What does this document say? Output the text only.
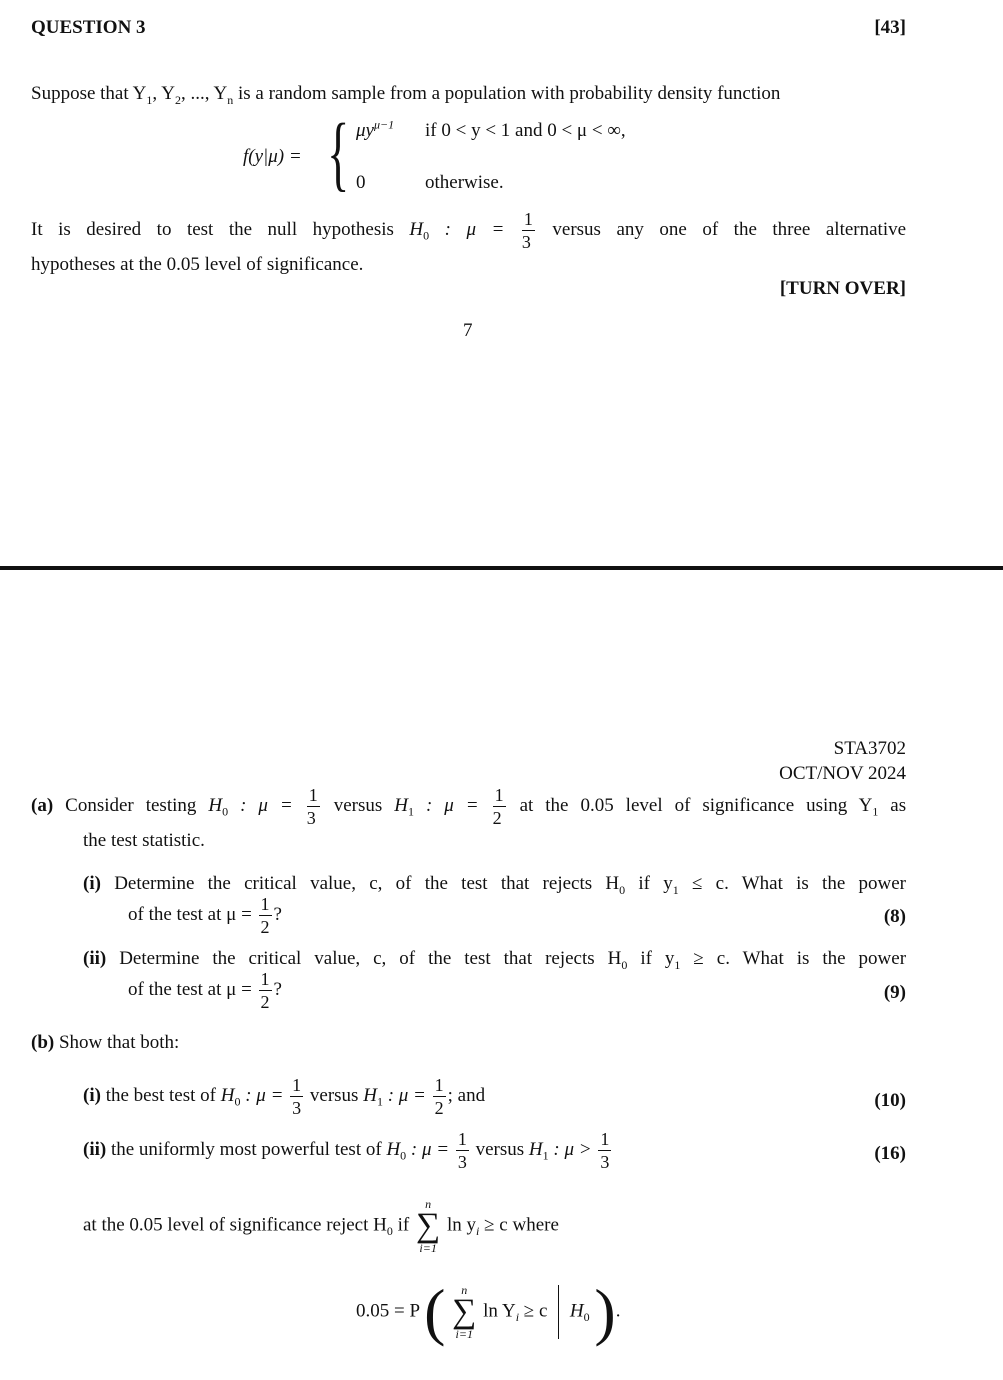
QUESTION 3	[43]
Suppose that $Y_1$, $Y_2$, ..., $Y_n$ is a random sample from a population with probability density function
f(y|μ) = { $\mu y^{\mu-1}$ if 0 < y < 1 and 0 < μ < ∞,
0	otherwise.
It is desired to test the null hypothesis $H_0$ : $\mu = \frac{1}{3}$ versus any one of the three alternative
hypotheses at the 0.05 level of significance.
[TURN OVER]
7
STA3702
OCT/NOV 2024
(a) Consider testing $H_0$ : $\mu = \frac{1}{3}$ versus $H_1$ : $\mu = \frac{1}{2}$ at the 0.05 level of significance using $Y_1$ as
the test statistic.
(i) Determine the critical value, c, of the test that rejects $H_0$ if $y_1 \le c$. What is the power
of the test at $\mu = \frac{1}{2}$ ?	(8)
(ii) Determine the critical value, c, of the test that rejects $H_0$ if $y_1 \ge c$. What is the power
of the test at $\mu = \frac{1}{2}$ ?	(9)
(b) Show that both:
(i) the best test of $H_0$ : $\mu = \frac{1}{3}$ versus $H_1$ : $\mu = \frac{1}{2}$ ; and	(10)
(ii) the uniformly most powerful test of $H_0$ : $\mu = \frac{1}{3}$ versus $H_1$ : $\mu > \frac{1}{3}$	(16)
at the 0.05 level of significance reject $H_0$ if
n
∑
i=1
$\ln y_i \ge c$ where
0.05 = P (	n
∑
i=1
$\ln Y_i \ge c$ $H_0$ ).
